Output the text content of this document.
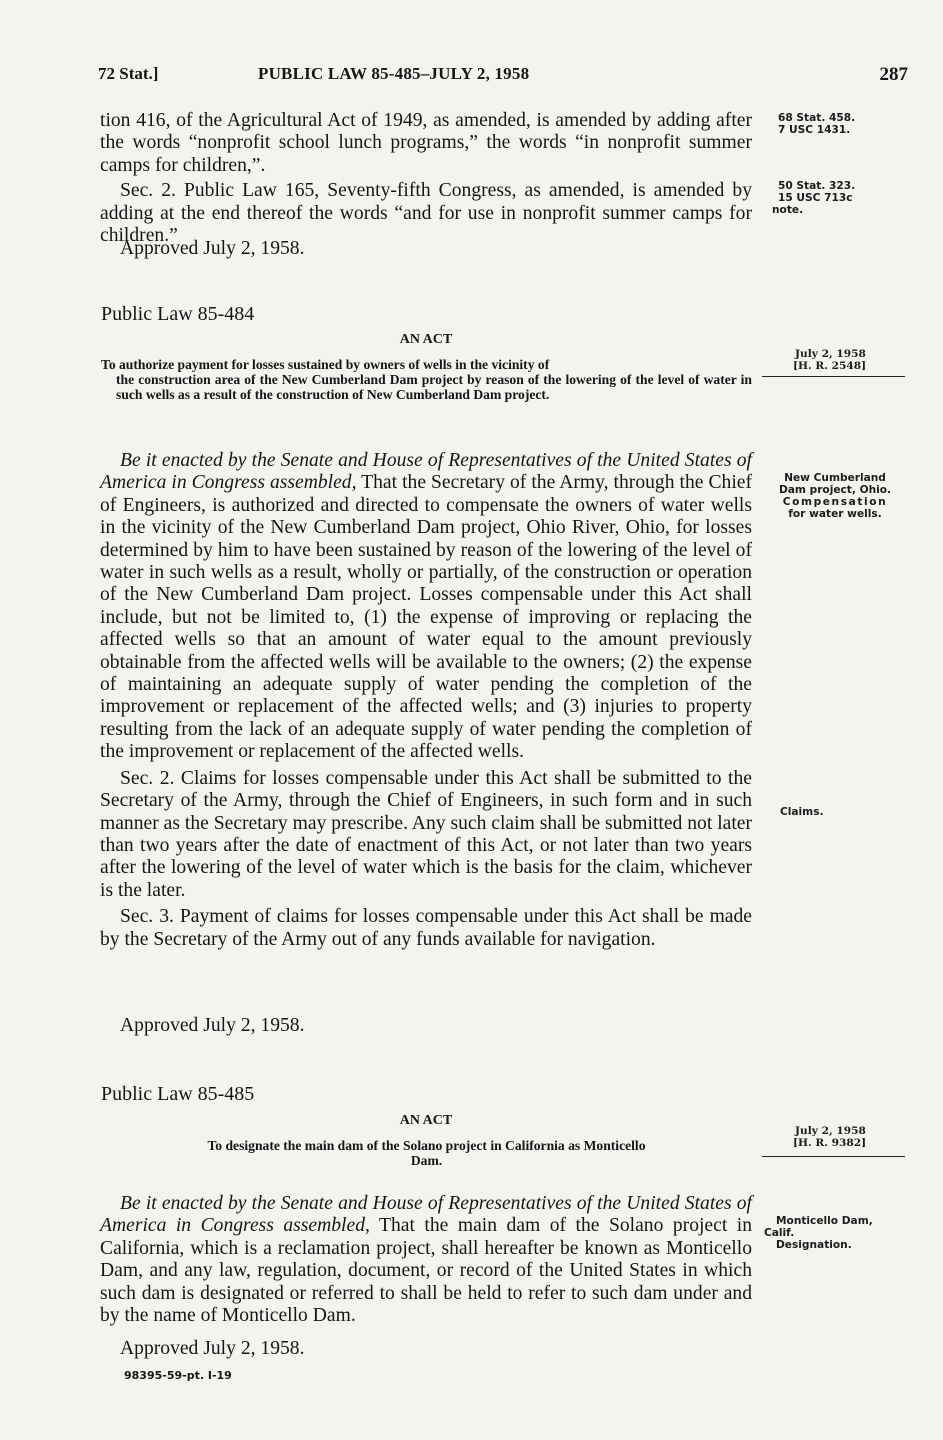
72 Stat.]	PUBLIC LAW 85-485–JULY 2, 1958	287

tion 416, of the Agricultural Act of 1949, as amended, is amended by adding after the words “nonprofit school lunch programs,” the words “in nonprofit summer camps for children,”.

Sec. 2. Public Law 165, Seventy-fifth Congress, as amended, is amended by adding at the end thereof the words “and for use in nonprofit summer camps for children.”

Approved July 2, 1958.
68 Stat. 458.
7 USC 1431.
50 Stat. 323.
15 USC 713c
note.
Public Law 85-484
AN ACT
To authorize payment for losses sustained by owners of wells in the vicinity of
the construction area of the New Cumberland Dam project by reason of the lowering of the level of water in such wells as a result of the construction of New Cumberland Dam project.
July 2, 1958
[H. R. 2548]

Be it enacted by the Senate and House of Representatives of the United States of America in Congress assembled, That the Secretary of the Army, through the Chief of Engineers, is authorized and directed to compensate the owners of water wells in the vicinity of the New Cumberland Dam project, Ohio River, Ohio, for losses determined by him to have been sustained by reason of the lowering of the level of water in such wells as a result, wholly or partially, of the construction or operation of the New Cumberland Dam project. Losses compensable under this Act shall include, but not be limited to, (1) the expense of improving or replacing the affected wells so that an amount of water equal to the amount previously obtainable from the affected wells will be available to the owners; (2) the expense of maintaining an adequate supply of water pending the completion of the improvement or replacement of the affected wells; and (3) injuries to property resulting from the lack of an adequate supply of water pending the completion of the improvement or replacement of the affected wells.

Sec. 2. Claims for losses compensable under this Act shall be submitted to the Secretary of the Army, through the Chief of Engineers, in such form and in such manner as the Secretary may prescribe. Any such claim shall be submitted not later than two years after the date of enactment of this Act, or not later than two years after the lowering of the level of water which is the basis for the claim, whichever is the later.

Sec. 3. Payment of claims for losses compensable under this Act shall be made by the Secretary of the Army out of any funds available for navigation.

Approved July 2, 1958.
New Cumberland
Dam project, Ohio.
Compensation
for water wells.
Claims.
Public Law 85-485
AN ACT
To designate the main dam of the Solano project in California as Monticello
Dam.
July 2, 1958
[H. R. 9382]

Be it enacted by the Senate and House of Representatives of the United States of America in Congress assembled, That the main dam of the Solano project in California, which is a reclamation project, shall hereafter be known as Monticello Dam, and any law, regulation, document, or record of the United States in which such dam is designated or referred to shall be held to refer to such dam under and by the name of Monticello Dam.

Approved July 2, 1958.
Monticello Dam,
Calif.
Designation.
98395-59-pt. I-19
